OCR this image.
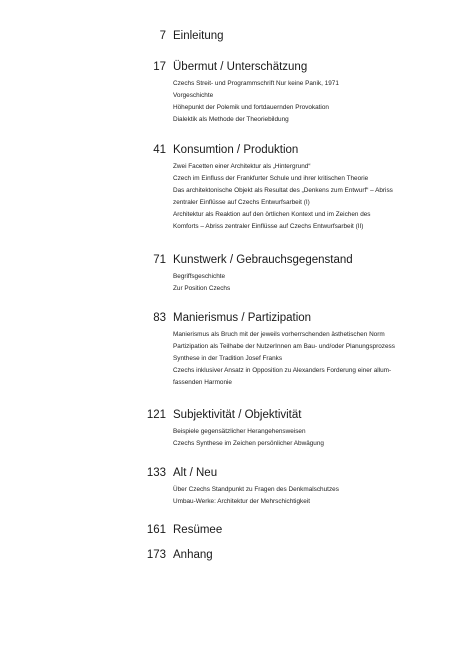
7 Einleitung
17 Übermut / Unterschätzung
Czechs Streit- und Programmschrift Nur keine Panik, 1971
Vorgeschichte
Höhepunkt der Polemik und fortdauernden Provokation
Dialektik als Methode der Theoriebildung
41 Konsumtion / Produktion
Zwei Facetten einer Architektur als „Hintergrund“
Czech im Einfluss der Frankfurter Schule und ihrer kritischen Theorie
Das architektonische Objekt als Resultat des „Denkens zum Entwurf“ – Abriss
zentraler Einflüsse auf Czechs Entwurfsarbeit (I)
Architektur als Reaktion auf den örtlichen Kontext und im Zeichen des
Komforts – Abriss zentraler Einflüsse auf Czechs Entwurfsarbeit (II)
71 Kunstwerk / Gebrauchsgegenstand
Begriffsgeschichte
Zur Position Czechs
83 Manierismus / Partizipation
Manierismus als Bruch mit der jeweils vorherrschenden ästhetischen Norm
Partizipation als Teilhabe der NutzerInnen am Bau- und/oder Planungsprozess
Synthese in der Tradition Josef Franks
Czechs inklusiver Ansatz in Opposition zu Alexanders Forderung einer allum-
fassenden Harmonie
121 Subjektivität / Objektivität
Beispiele gegensätzlicher Herangehensweisen
Czechs Synthese im Zeichen persönlicher Abwägung
133 Alt / Neu
Über Czechs Standpunkt zu Fragen des Denkmalschutzes
Umbau-Werke: Architektur der Mehrschichtigkeit
161 Resümee
173 Anhang
